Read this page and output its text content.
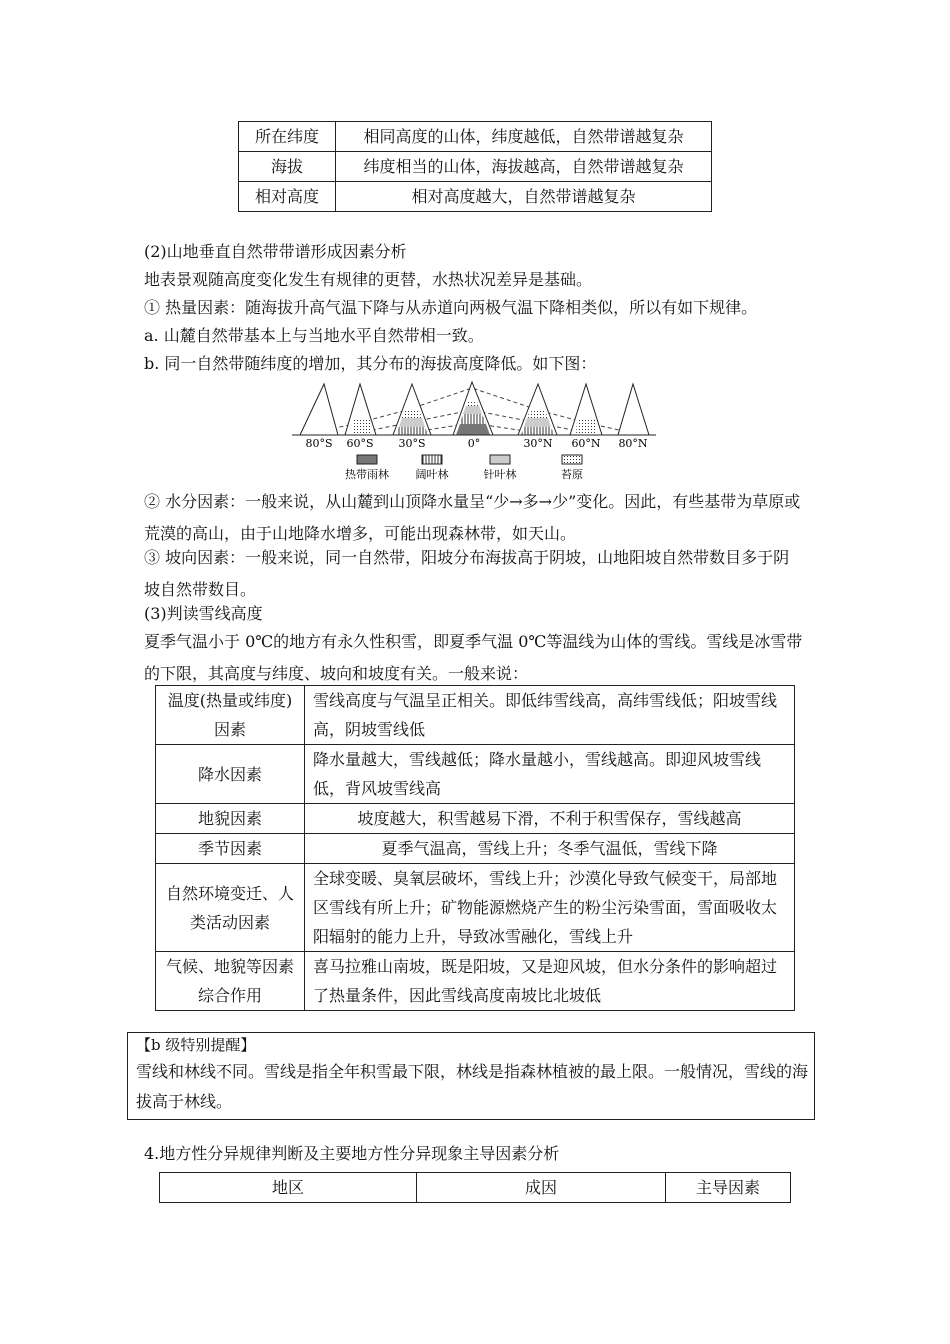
所在纬度	相同高度的山体，纬度越低，自然带谱越复杂
海拔	纬度相当的山体，海拔越高，自然带谱越复杂
相对高度	相对高度越大，自然带谱越复杂
(2)山地垂直自然带带谱形成因素分析
地表景观随高度变化发生有规律的更替，水热状况差异是基础。
① 热量因素：随海拔升高气温下降与从赤道向两极气温下降相类似，所以有如下规律。
a. 山麓自然带基本上与当地水平自然带相一致。
b. 同一自然带随纬度的增加，其分布的海拔高度降低。如下图：
80°S 60°S 30°S	0°	30°N 60°N 80°N
热带雨林 阔叶林	针叶林	苔原
② 水分因素：一般来说，从山麓到山顶降水量呈“少→多→少”变化。因此，有些基带为草原或荒漠的高山，由于山地降水增多，可能出现森林带，如天山。
③ 坡向因素：一般来说，同一自然带，阳坡分布海拔高于阴坡，山地阳坡自然带数目多于阴坡自然带数目。
(3)判读雪线高度
夏季气温小于 0℃的地方有永久性积雪，即夏季气温 0℃等温线为山体的雪线。雪线是冰雪带的下限，其高度与纬度、坡向和坡度有关。一般来说：
温度(热量或纬度)因素	雪线高度与气温呈正相关。即低纬雪线高，高纬雪线低；阳坡雪线高，阴坡雪线低
降水因素	降水量越大，雪线越低；降水量越小，雪线越高。即迎风坡雪线低，背风坡雪线高
地貌因素	坡度越大，积雪越易下滑，不利于积雪保存，雪线越高
季节因素	夏季气温高，雪线上升；冬季气温低，雪线下降
自然环境变迁、人类活动因素	全球变暖、臭氧层破坏，雪线上升；沙漠化导致气候变干，局部地区雪线有所上升；矿物能源燃烧产生的粉尘污染雪面，雪面吸收太阳辐射的能力上升，导致冰雪融化，雪线上升
气候、地貌等因素综合作用	喜马拉雅山南坡，既是阳坡，又是迎风坡，但水分条件的影响超过了热量条件，因此雪线高度南坡比北坡低
【b 级特别提醒】
雪线和林线不同。雪线是指全年积雪最下限，林线是指森林植被的最上限。一般情况，雪线的海拔高于林线。
4.地方性分异规律判断及主要地方性分异现象主导因素分析
地区	成因	主导因素
